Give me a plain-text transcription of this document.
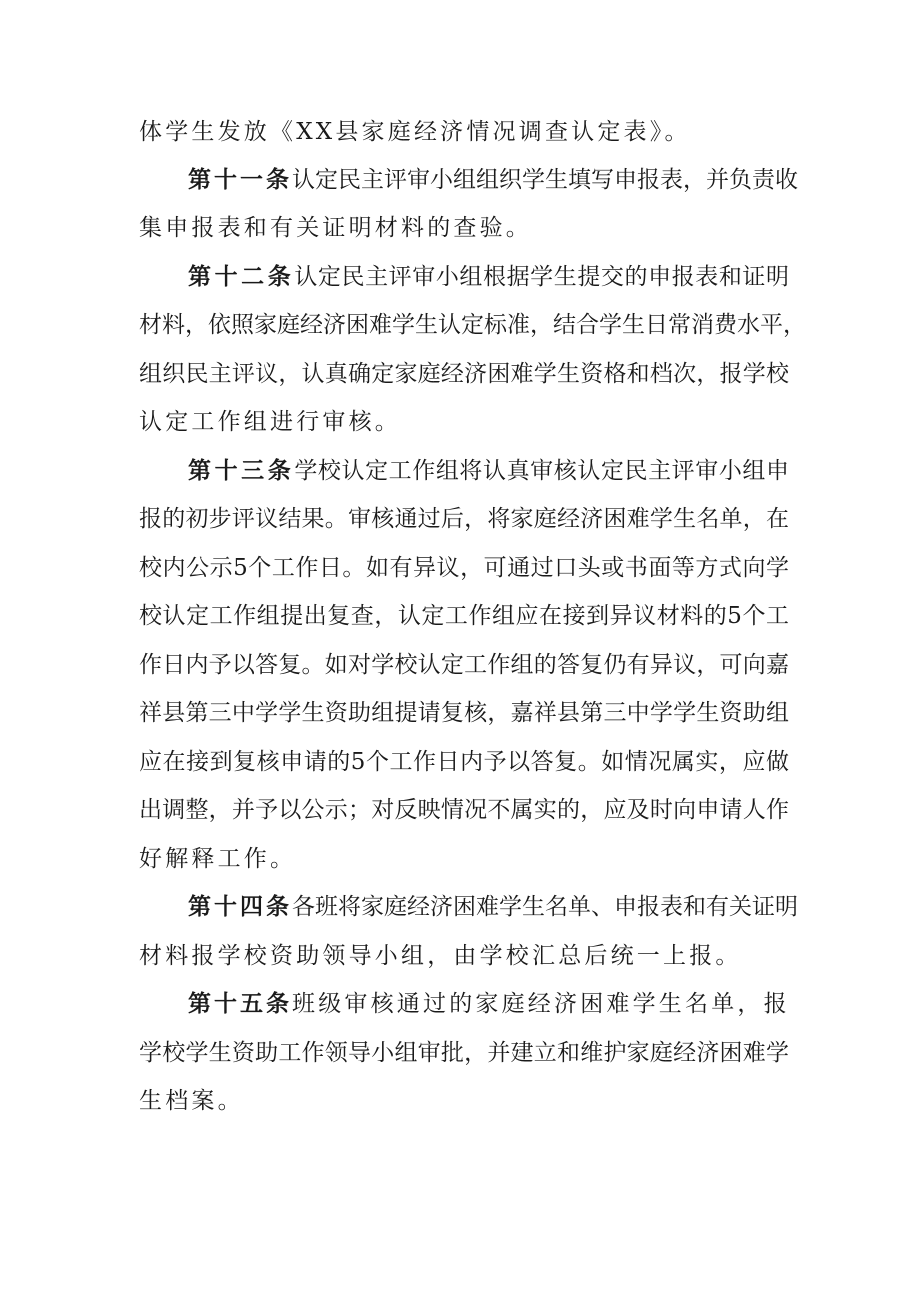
体学生发放《XX县家庭经济情况调查认定表》。
第十一条认定民主评审小组组织学生填写申报表，并负责收
集申报表和有关证明材料的查验。
第十二条认定民主评审小组根据学生提交的申报表和证明
材料，依照家庭经济困难学生认定标准，结合学生日常消费水平，
组织民主评议，认真确定家庭经济困难学生资格和档次，报学校
认定工作组进行审核。
第十三条学校认定工作组将认真审核认定民主评审小组申
报的初步评议结果。审核通过后，将家庭经济困难学生名单，在
校内公示5个工作日。如有异议，可通过口头或书面等方式向学
校认定工作组提出复查，认定工作组应在接到异议材料的5个工
作日内予以答复。如对学校认定工作组的答复仍有异议，可向嘉
祥县第三中学学生资助组提请复核，嘉祥县第三中学学生资助组
应在接到复核申请的5个工作日内予以答复。如情况属实，应做
出调整，并予以公示；对反映情况不属实的，应及时向申请人作
好解释工作。
第十四条各班将家庭经济困难学生名单、申报表和有关证明
材料报学校资助领导小组，由学校汇总后统一上报。
第十五条班级审核通过的家庭经济困难学生名单，报
学校学生资助工作领导小组审批，并建立和维护家庭经济困难学
生档案。
